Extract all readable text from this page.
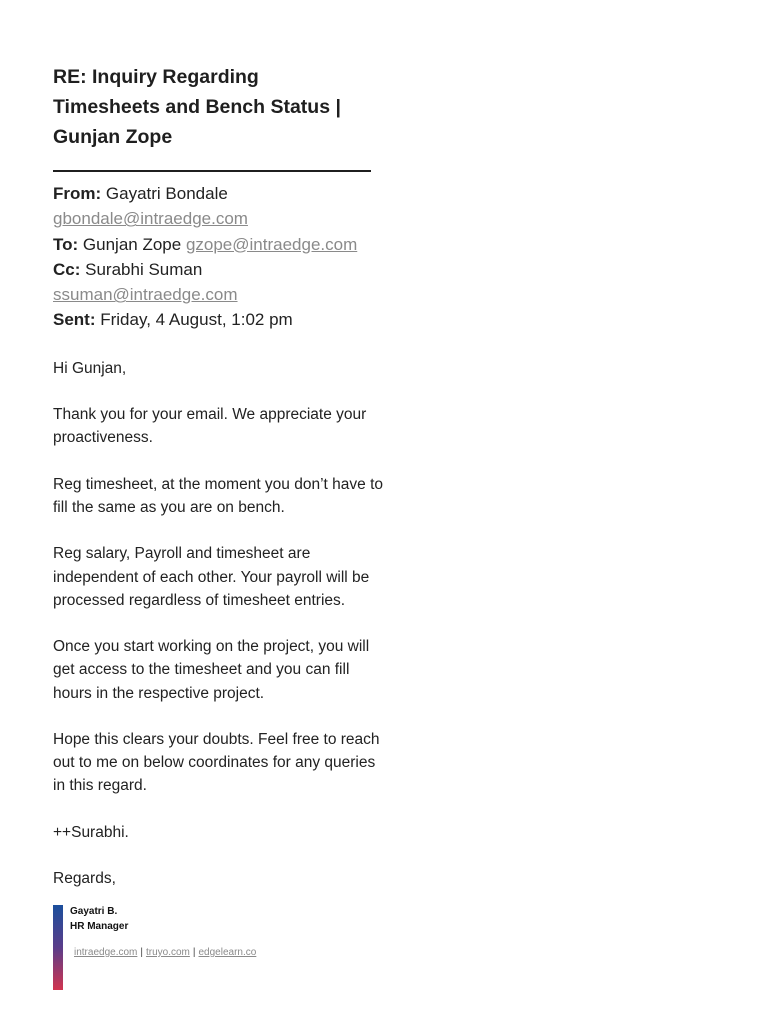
RE: Inquiry Regarding Timesheets and Bench Status | Gunjan Zope
From: Gayatri Bondale
gbondale@intraedge.com
To: Gunjan Zope gzope@intraedge.com
Cc: Surabhi Suman
ssuman@intraedge.com
Sent: Friday, 4 August, 1:02 pm

Hi Gunjan,

Thank you for your email. We appreciate your proactiveness.

Reg timesheet, at the moment you don’t have to fill the same as you are on bench.

Reg salary, Payroll and timesheet are independent of each other. Your payroll will be processed regardless of timesheet entries.

Once you start working on the project, you will get access to the timesheet and you can fill hours in the respective project.

Hope this clears your doubts. Feel free to reach out to me on below coordinates for any queries in this regard.

++Surabhi.

Regards,

Gayatri B.
HR Manager
intraedge.com | truyo.com | edgelearn.co
